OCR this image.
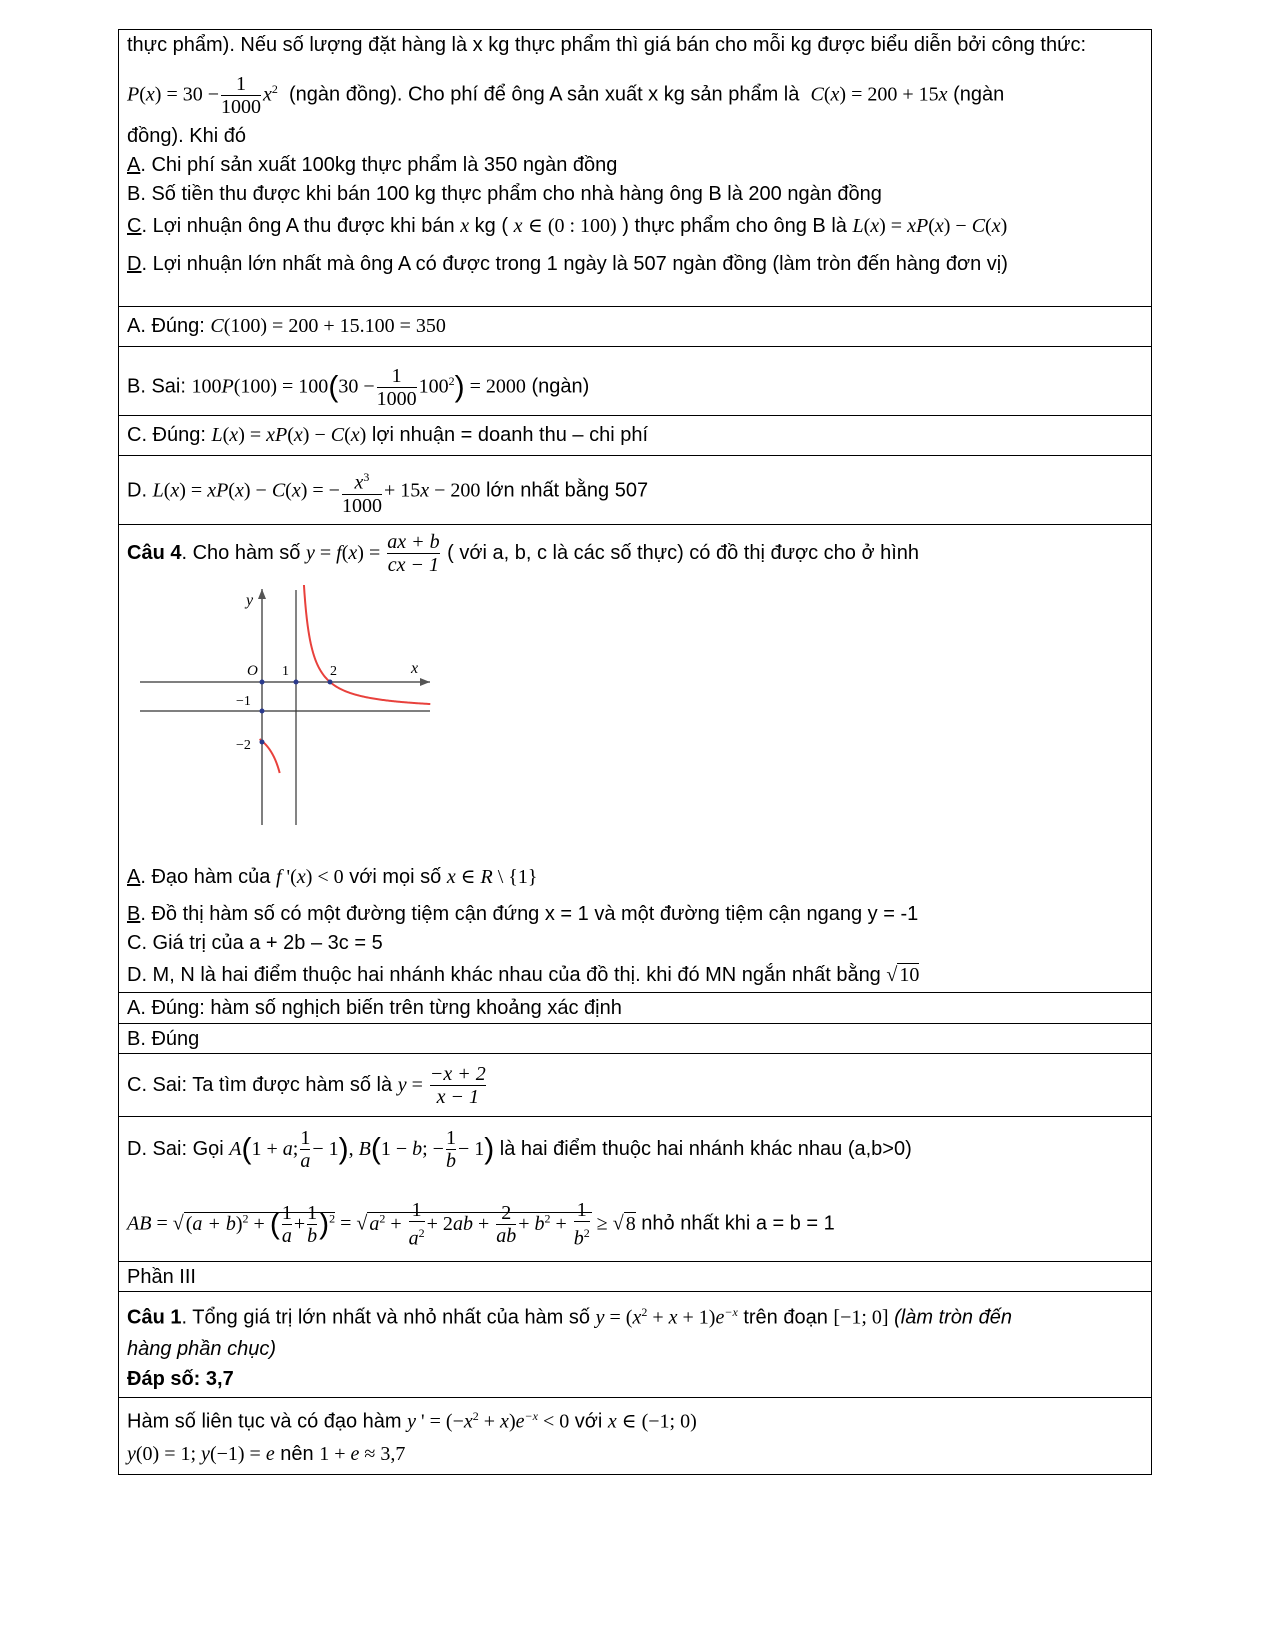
thực phẩm). Nếu số lượng đặt hàng là x kg thực phẩm thì giá bán cho mỗi kg được biểu diễn bởi công thức:
$P(x) = 30 - \frac{1}{1000} x^2$ (ngàn đồng). Cho phí để ông A sản xuất x kg sản phẩm là C(x) = 200 + 15x (ngàn
đồng). Khi đó
A. Chi phí sản xuất 100kg thực phẩm là 350 ngàn đồng
B. Số tiền thu được khi bán 100 kg thực phẩm cho nhà hàng ông B là 200 ngàn đồng
C. Lợi nhuận ông A thu được khi bán x kg ( x ∈ (0 : 100) ) thực phẩm cho ông B là L(x) = xP(x) − C(x)
D. Lợi nhuận lớn nhất mà ông A có được trong 1 ngày là 507 ngàn đồng (làm tròn đến hàng đơn vị)
A. Đúng: C(100) = 200 + 15.100 = 350
B. Sai: $100P(100) = 100(30 - \frac{1}{1000} 100^2) = 2000$ (ngàn)
C. Đúng: L(x) = xP(x) − C(x) lợi nhuận = doanh thu – chi phí
D. L(x) = xP(x) − C(x) = − $\frac{x^3}{1000} + 15x - 200$ lớn nhất bằng 507
Câu 4. Cho hàm số $y = f(x) = \frac{ax + b}{cx - 1}$ ( với a, b, c là các số thực) có đồ thị được cho ở hình
A. Đạo hàm của f '(x) < 0 với mọi số x ∈ R \ {1}
B. Đồ thị hàm số có một đường tiệm cận đứng x = 1 và một đường tiệm cận ngang y = -1
C. Giá trị của a + 2b – 3c = 5
D. M, N là hai điểm thuộc hai nhánh khác nhau của đồ thị. khi đó MN ngắn nhất bằng √ 10
A. Đúng: hàm số nghịch biến trên từng khoảng xác định
B. Đúng
C. Sai: Ta tìm được hàm số là $y = \frac{-x + 2}{x - 1}$
D. Sai: Gọi A(1 + a; $\frac{1}{a} - 1$), B(1 − b; − $\frac{1}{b} - 1$) là hai điểm thuộc hai nhánh khác nhau (a,b>0)
AB = √ $(a + b)^2$ + ( $\frac{1}{a} + \frac{1}{b} )^2$ = √ $a^2 + \frac{1}{a^2} + 2ab + \frac{2}{ab} + b^2 + \frac{1}{b^2}$ ≥ √ 8 nhỏ nhất khi a = b = 1
Phần III
Câu 1. Tổng giá trị lớn nhất và nhỏ nhất của hàm số $y = (x^2 + x + 1)e^{-x}$ trên đoạn [−1; 0] (làm tròn đến
hàng phần chục)
Đáp số: 3,7
Hàm số liên tục và có đạo hàm y ' = $(-x^2 + x)e^{-x} < 0$ với x ∈ (−1; 0)
y(0) = 1; y(−1) = e nên 1 + e ≈ 3,7
y
x
O 1	2
−1
−2
